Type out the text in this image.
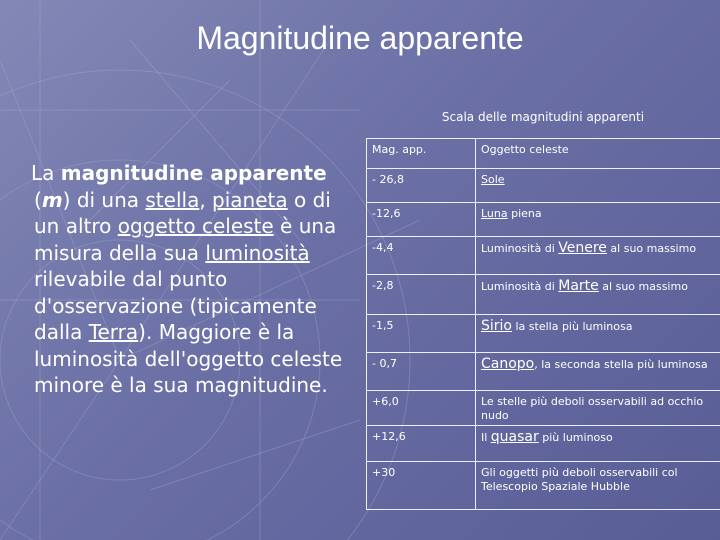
Magnitudine apparente
La magnitudine apparente (m) di una stella, pianeta o di un altro oggetto celeste è una misura della sua luminosità rilevabile dal punto d'osservazione (tipicamente dalla Terra). Maggiore è la luminosità dell'oggetto celeste minore è la sua magnitudine.
Scala delle magnitudini apparenti
Mag. app.	Oggetto celeste
- 26,8	Sole
-12,6	Luna piena
-4,4	Luminosità di Venere al suo massimo
-2,8	Luminosità di Marte al suo massimo
-1,5	Sirio la stella più luminosa
- 0,7	Canopo, la seconda stella più luminosa
+6,0	Le stelle più deboli osservabili ad occhio nudo
+12,6	Il quasar più luminoso
+30	Gli oggetti più deboli osservabili col Telescopio Spaziale Hubble
